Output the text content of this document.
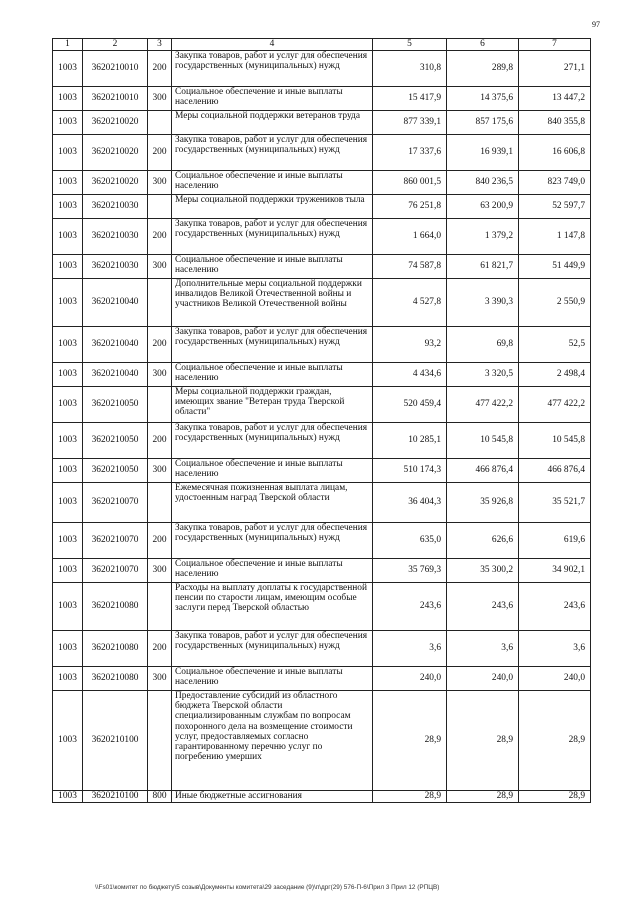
97
1	2	3	4	5	6	7
1003	3620210010	200	Закупка товаров, работ и услуг для обеспечения государственных (муниципальных) нужд	310,8	289,8	271,1
1003	3620210010	300	Социальное обеспечение и иные выплаты населению	15 417,9	14 375,6	13 447,2
1003	3620210020		Меры социальной поддержки ветеранов труда	877 339,1	857 175,6	840 355,8
1003	3620210020	200	Закупка товаров, работ и услуг для обеспечения государственных (муниципальных) нужд	17 337,6	16 939,1	16 606,8
1003	3620210020	300	Социальное обеспечение и иные выплаты населению	860 001,5	840 236,5	823 749,0
1003	3620210030		Меры социальной поддержки тружеников тыла	76 251,8	63 200,9	52 597,7
1003	3620210030	200	Закупка товаров, работ и услуг для обеспечения государственных (муниципальных) нужд	1 664,0	1 379,2	1 147,8
1003	3620210030	300	Социальное обеспечение и иные выплаты населению	74 587,8	61 821,7	51 449,9
1003	3620210040		Дополнительные меры социальной поддержки инвалидов Великой Отечественной войны и участников Великой Отечественной войны	4 527,8	3 390,3	2 550,9
1003	3620210040	200	Закупка товаров, работ и услуг для обеспечения государственных (муниципальных) нужд	93,2	69,8	52,5
1003	3620210040	300	Социальное обеспечение и иные выплаты населению	4 434,6	3 320,5	2 498,4
1003	3620210050		Меры социальной поддержки граждан, имеющих звание "Ветеран труда Тверской области"	520 459,4	477 422,2	477 422,2
1003	3620210050	200	Закупка товаров, работ и услуг для обеспечения государственных (муниципальных) нужд	10 285,1	10 545,8	10 545,8
1003	3620210050	300	Социальное обеспечение и иные выплаты населению	510 174,3	466 876,4	466 876,4
1003	3620210070		Ежемесячная пожизненная выплата лицам, удостоенным наград Тверской области	36 404,3	35 926,8	35 521,7
1003	3620210070	200	Закупка товаров, работ и услуг для обеспечения государственных (муниципальных) нужд	635,0	626,6	619,6
1003	3620210070	300	Социальное обеспечение и иные выплаты населению	35 769,3	35 300,2	34 902,1
1003	3620210080		Расходы на выплату доплаты к государственной пенсии по старости лицам, имеющим особые заслуги перед Тверской областью	243,6	243,6	243,6
1003	3620210080	200	Закупка товаров, работ и услуг для обеспечения государственных (муниципальных) нужд	3,6	3,6	3,6
1003	3620210080	300	Социальное обеспечение и иные выплаты населению	240,0	240,0	240,0
1003	3620210100		Предоставление субсидий из областного бюджета Тверской области специализированным службам по вопросам похоронного дела на возмещение стоимости услуг, предоставляемых согласно гарантированному перечню услуг по погребению умерших	28,9	28,9	28,9
1003	3620210100	800	Иные бюджетные ассигнования	28,9	28,9	28,9
\\Fs01\комитет по бюджету\5 созыв\Документы комитета\29 заседание (9)\п\дрг(29) 576-П-6\Прил 3 Прил 12 (РПЦВ)
